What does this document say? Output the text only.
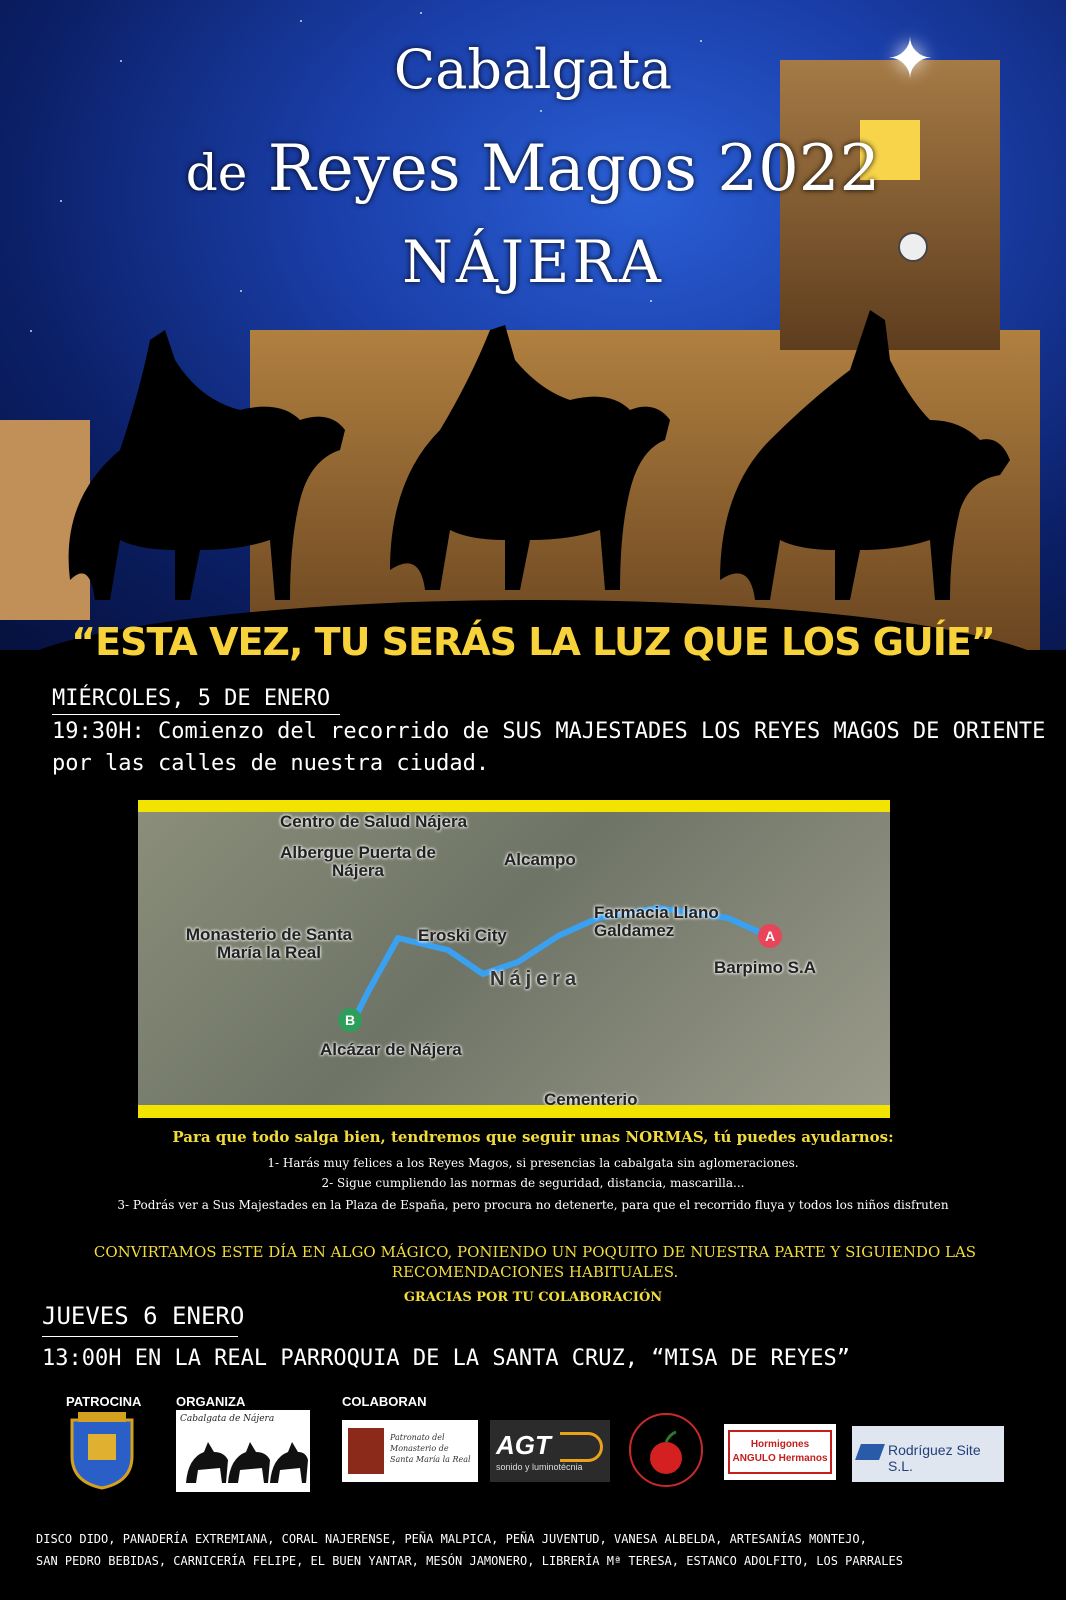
✦
Cabalgata
de Reyes Magos 2022
NÁJERA
“ESTA VEZ, TU SERÁS LA LUZ QUE LOS GUÍE”
MIÉRCOLES, 5 DE ENERO
19:30H: Comienzo del recorrido de SUS MAJESTADES LOS REYES MAGOS DE ORIENTE
por las calles de nuestra ciudad.
Centro de Salud Nájera
Albergue Puerta de Nájera
Alcampo
Monasterio de Santa María la Real
Eroski City
Farmacia Llano Galdamez
Nájera
Barpimo S.A
Alcázar de Nájera
Cementerio
A
B
Para que todo salga bien, tendremos que seguir unas NORMAS, tú puedes ayudarnos:
1- Harás muy felices a los Reyes Magos, si presencias la cabalgata sin aglomeraciones.
2- Sigue cumpliendo las normas de seguridad, distancia, mascarilla...
3- Podrás ver a Sus Majestades en la Plaza de España, pero procura no detenerte, para que el recorrido fluya y todos los niños disfruten
CONVIRTAMOS ESTE DÍA EN ALGO MÁGICO, PONIENDO UN POQUITO DE NUESTRA PARTE Y SIGUIENDO LAS RECOMENDACIONES HABITUALES.
GRACIAS POR TU COLABORACIÓN
JUEVES 6 ENERO
13:00H EN LA REAL PARROQUIA DE LA SANTA CRUZ, “MISA DE REYES”
PATROCINA	ORGANIZA	COLABORAN
Cabalgata de Nájera
Patronato del Monasterio de Santa María la Real AGT
sonido y luminotécnia
Hormigones ANGULO Hermanos
Rodríguez Site S.L.
DISCO DIDO, PANADERÍA EXTREMIANA, CORAL NAJERENSE, PEÑA MALPICA, PEÑA JUVENTUD, VANESA ALBELDA, ARTESANÍAS MONTEJO,
SAN PEDRO BEBIDAS, CARNICERÍA FELIPE, EL BUEN YANTAR, MESÓN JAMONERO, LIBRERÍA Mª TERESA, ESTANCO ADOLFITO, LOS PARRALES
